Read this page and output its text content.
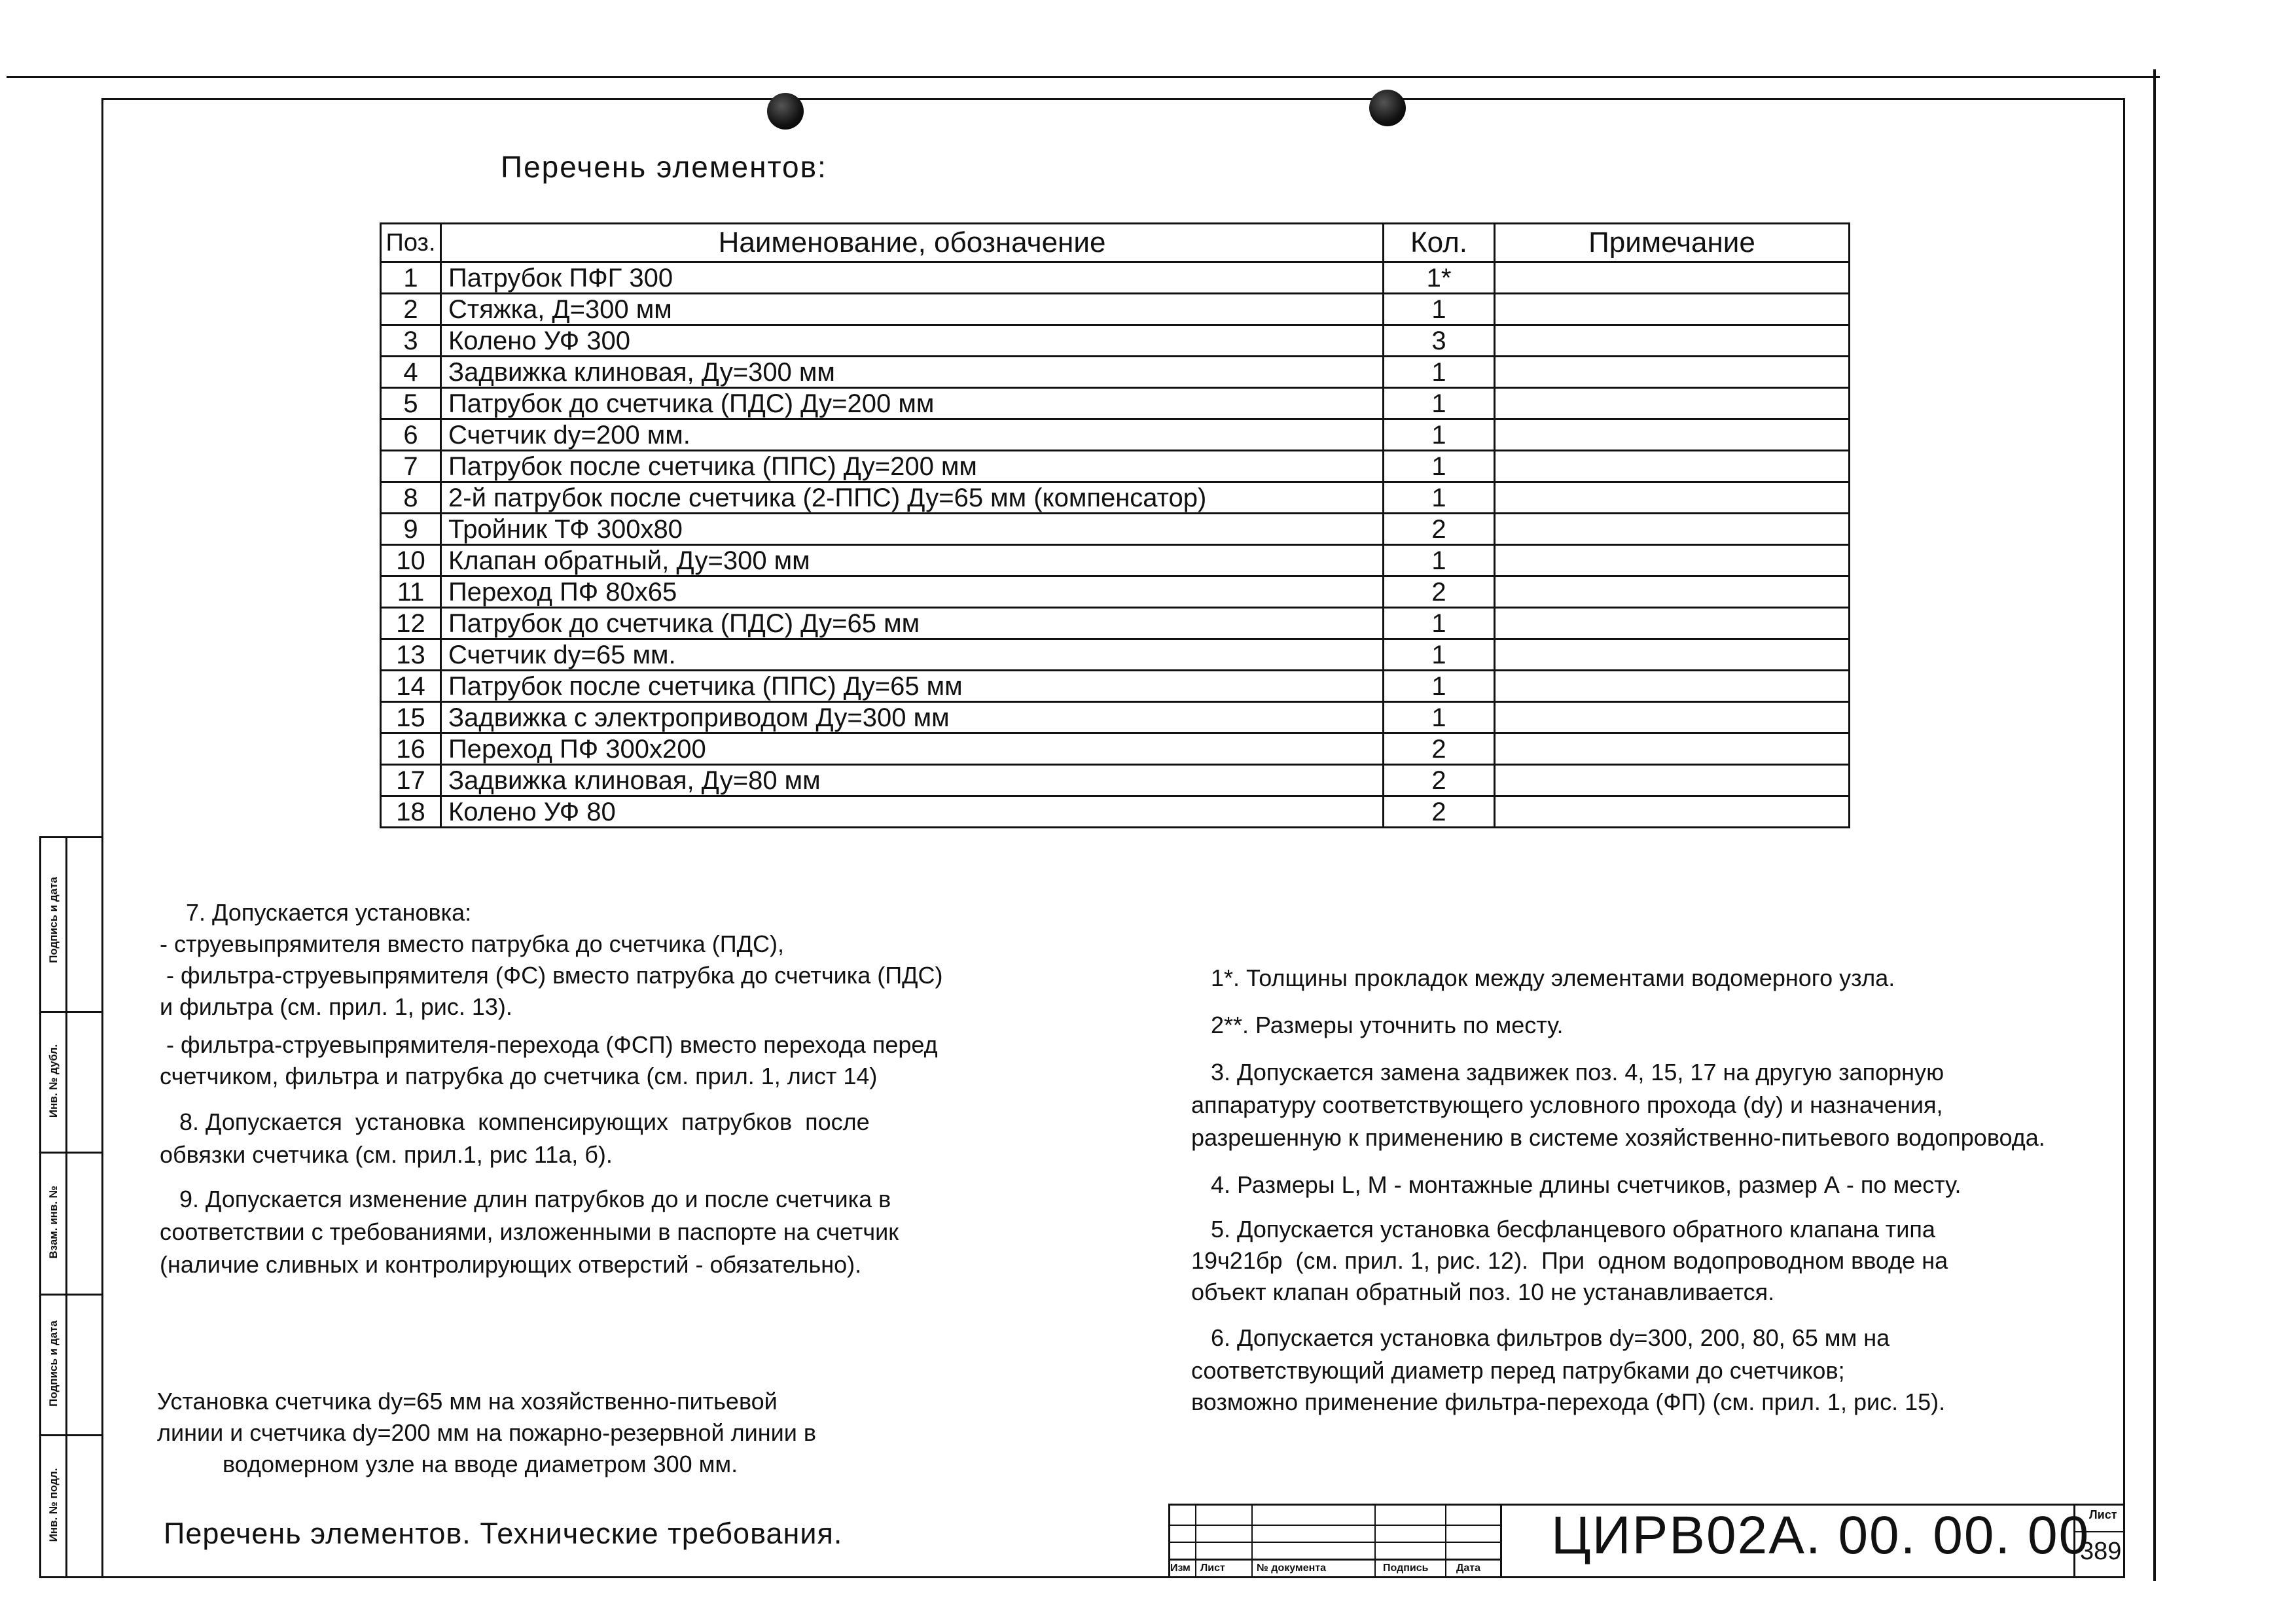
Перечень элементов:
Поз.	Наименование, обозначение	Кол.	Примечание
1	Патрубок ПФГ 300	1*	
2	Стяжка, Д=300 мм	1	
3	Колено УФ 300	3	
4	Задвижка клиновая, Ду=300 мм	1	
5	Патрубок до счетчика (ПДС) Ду=200 мм	1	
6	Счетчик dy=200 мм.	1	
7	Патрубок после счетчика (ППС) Ду=200 мм	1	
8	2-й патрубок после счетчика (2-ППС) Ду=65 мм (компенсатор)	1	
9	Тройник ТФ 300х80	2	
10	Клапан обратный, Ду=300 мм	1	
11	Переход ПФ 80х65	2	
12	Патрубок до счетчика (ПДС) Ду=65 мм	1	
13	Счетчик dy=65 мм.	1	
14	Патрубок после счетчика (ППС) Ду=65 мм	1	
15	Задвижка с электроприводом Ду=300 мм	1	
16	Переход ПФ 300х200	2	
17	Задвижка клиновая, Ду=80 мм	2	
18	Колено УФ 80	2	
7. Допускается установка:
- струевыпрямителя вместо патрубка до счетчика (ПДС),
- фильтра-струевыпрямителя (ФС) вместо патрубка до счетчика (ПДС)
и фильтра (см. прил. 1, рис. 13).
- фильтра-струевыпрямителя-перехода (ФСП) вместо перехода перед
счетчиком, фильтра и патрубка до счетчика (см. прил. 1, лист 14)
8. Допускается  установка  компенсирующих  патрубков  после
обвязки счетчика (см. прил.1, рис 11а, б).
9. Допускается изменение длин патрубков до и после счетчика в
соответствии с требованиями, изложенными в паспорте на счетчик
(наличие сливных и контролирующих отверстий - обязательно).
1*. Толщины прокладок между элементами водомерного узла.
2**. Размеры уточнить по месту.
3. Допускается замена задвижек поз. 4, 15, 17 на другую запорную
аппаратуру соответствующего условного прохода (dy) и назначения,
разрешенную к применению в системе хозяйственно-питьевого водопровода.
4. Размеры L, М - монтажные длины счетчиков, размер А - по месту.
5. Допускается установка бесфланцевого обратного клапана типа
19ч21бр  (см. прил. 1, рис. 12).  При  одном водопроводном вводе на
объект клапан обратный поз. 10 не устанавливается.
6. Допускается установка фильтров dy=300, 200, 80, 65 мм на
соответствующий диаметр перед патрубками до счетчиков;
возможно применение фильтра-перехода (ФП) (см. прил. 1, рис. 15).
Установка счетчика dy=65 мм на хозяйственно-питьевой
линии и счетчика dy=200 мм на пожарно-резервной линии в
водомерном узле на вводе диаметром 300 мм.
Перечень элементов. Технические требования.
Подпись и дата
Инв. № дубл.
Взам. инв. №
Подпись и дата
Инв. № подл.
Изм Лист	№ документа	Подпись	Дата
ЦИРВ02А. 00. 00. 00
Лист
389
